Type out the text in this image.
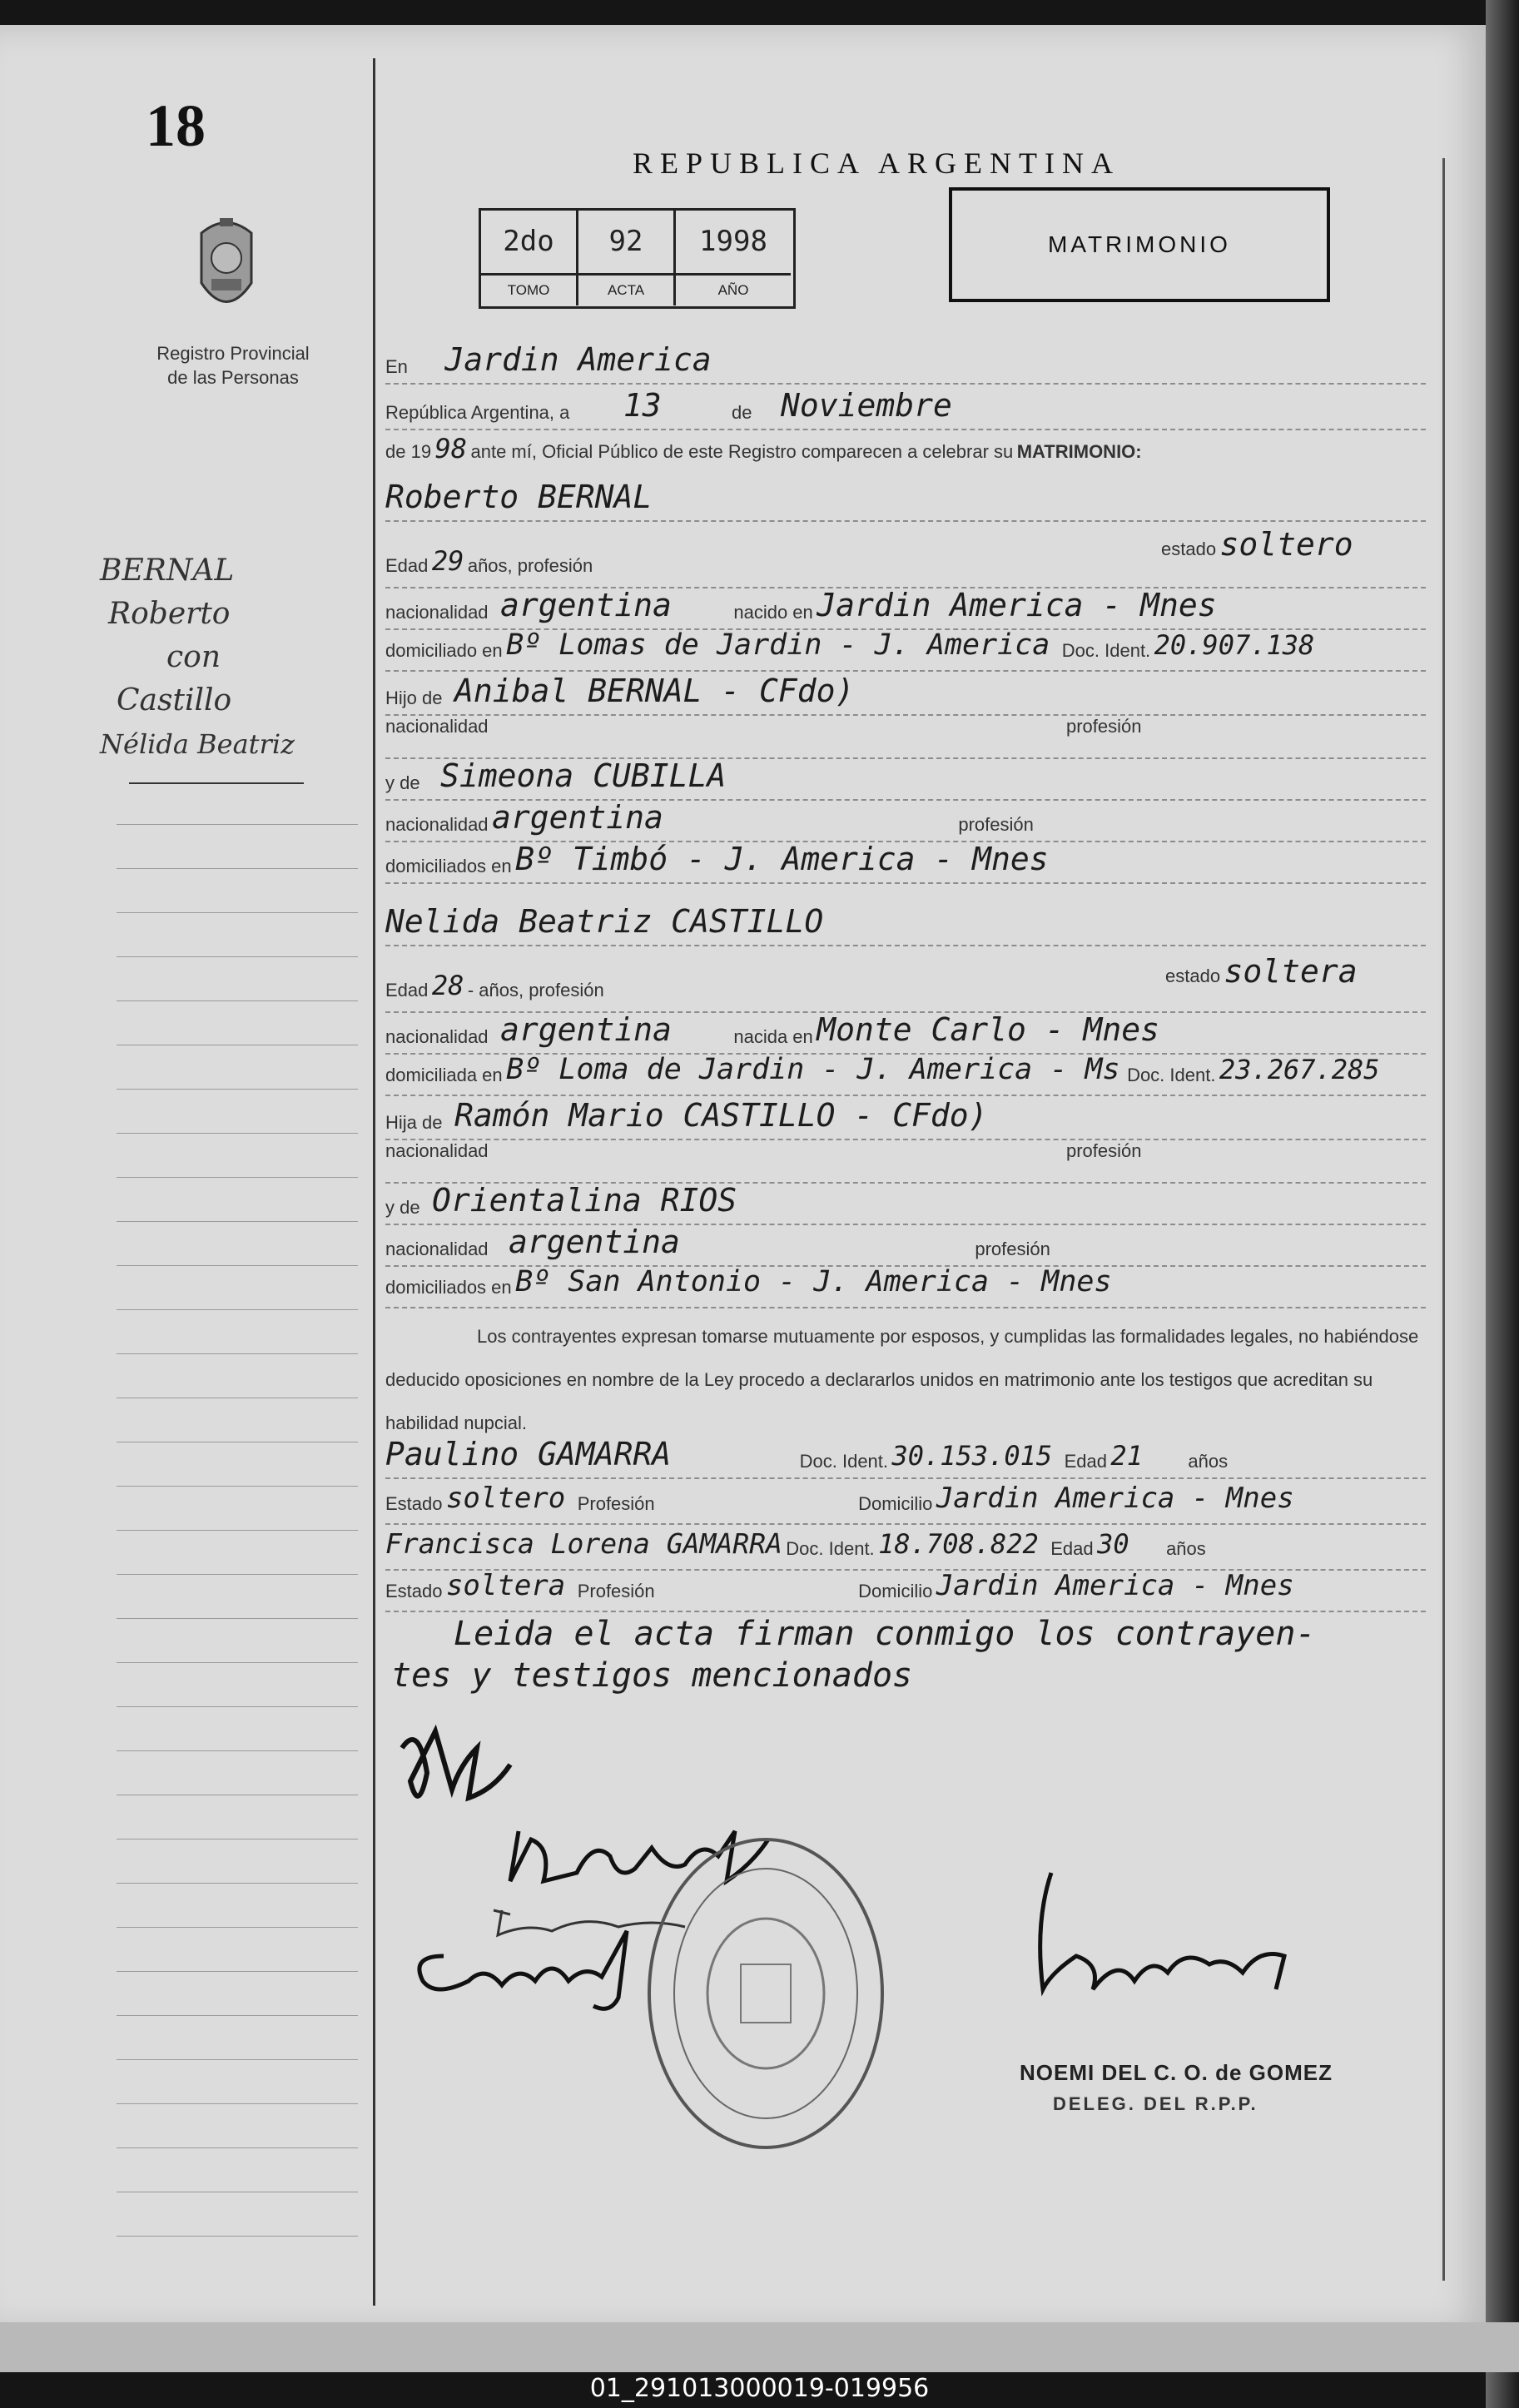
18
Registro Provincial
de las Personas
BERNAL
Roberto
con
Castillo
Nélida Beatriz
REPUBLICA ARGENTINA
2do	92	1998
TOMO	ACTA	AÑO
MATRIMONIO
En Jardin America
República Argentina, a 13	de Noviembre
de 19 98 ante mí, Oficial Público de este Registro comparecen a celebrar su MATRIMONIO:
Roberto BERNAL
Edad 29 años, profesión
estado soltero
nacionalidad argentina	nacido en Jardin America - Mnes
domiciliado en Bº Lomas de Jardin - J. America Doc. Ident. 20.907.138
Hijo de Anibal BERNAL - CFdo)
nacionalidad	profesión
y de Simeona CUBILLA
nacionalidad argentina	profesión
domiciliados en Bº Timbó - J. America - Mnes
Nelida Beatriz CASTILLO
Edad 28 - años, profesión
estado soltera
nacionalidad argentina	nacida en Monte Carlo - Mnes
domiciliada en Bº Loma de Jardin - J. America - Ms Doc. Ident. 23.267.285
Hija de Ramón Mario CASTILLO - CFdo)
nacionalidad	profesión
y de Orientalina RIOS
nacionalidad argentina	profesión
domiciliados en Bº San Antonio - J. America - Mnes
Los contrayentes expresan tomarse mutuamente por esposos, y cumplidas las formalidades legales, no habiéndose deducido oposiciones en nombre de la Ley procedo a declararlos unidos en matrimonio ante los testigos que acreditan su habilidad nupcial.
Paulino GAMARRA	Doc. Ident. 30.153.015 Edad 21 años
Estado soltero Profesión	Domicilio Jardin America - Mnes
Francisca Lorena GAMARRA Doc. Ident. 18.708.822 Edad 30 años
Estado soltera Profesión	Domicilio Jardin America - Mnes
Leida el acta firman conmigo los contrayen-
tes y testigos mencionados
NOEMI DEL C. O. de GOMEZ
DELEG. DEL R.P.P.
01_291013000019-019956
